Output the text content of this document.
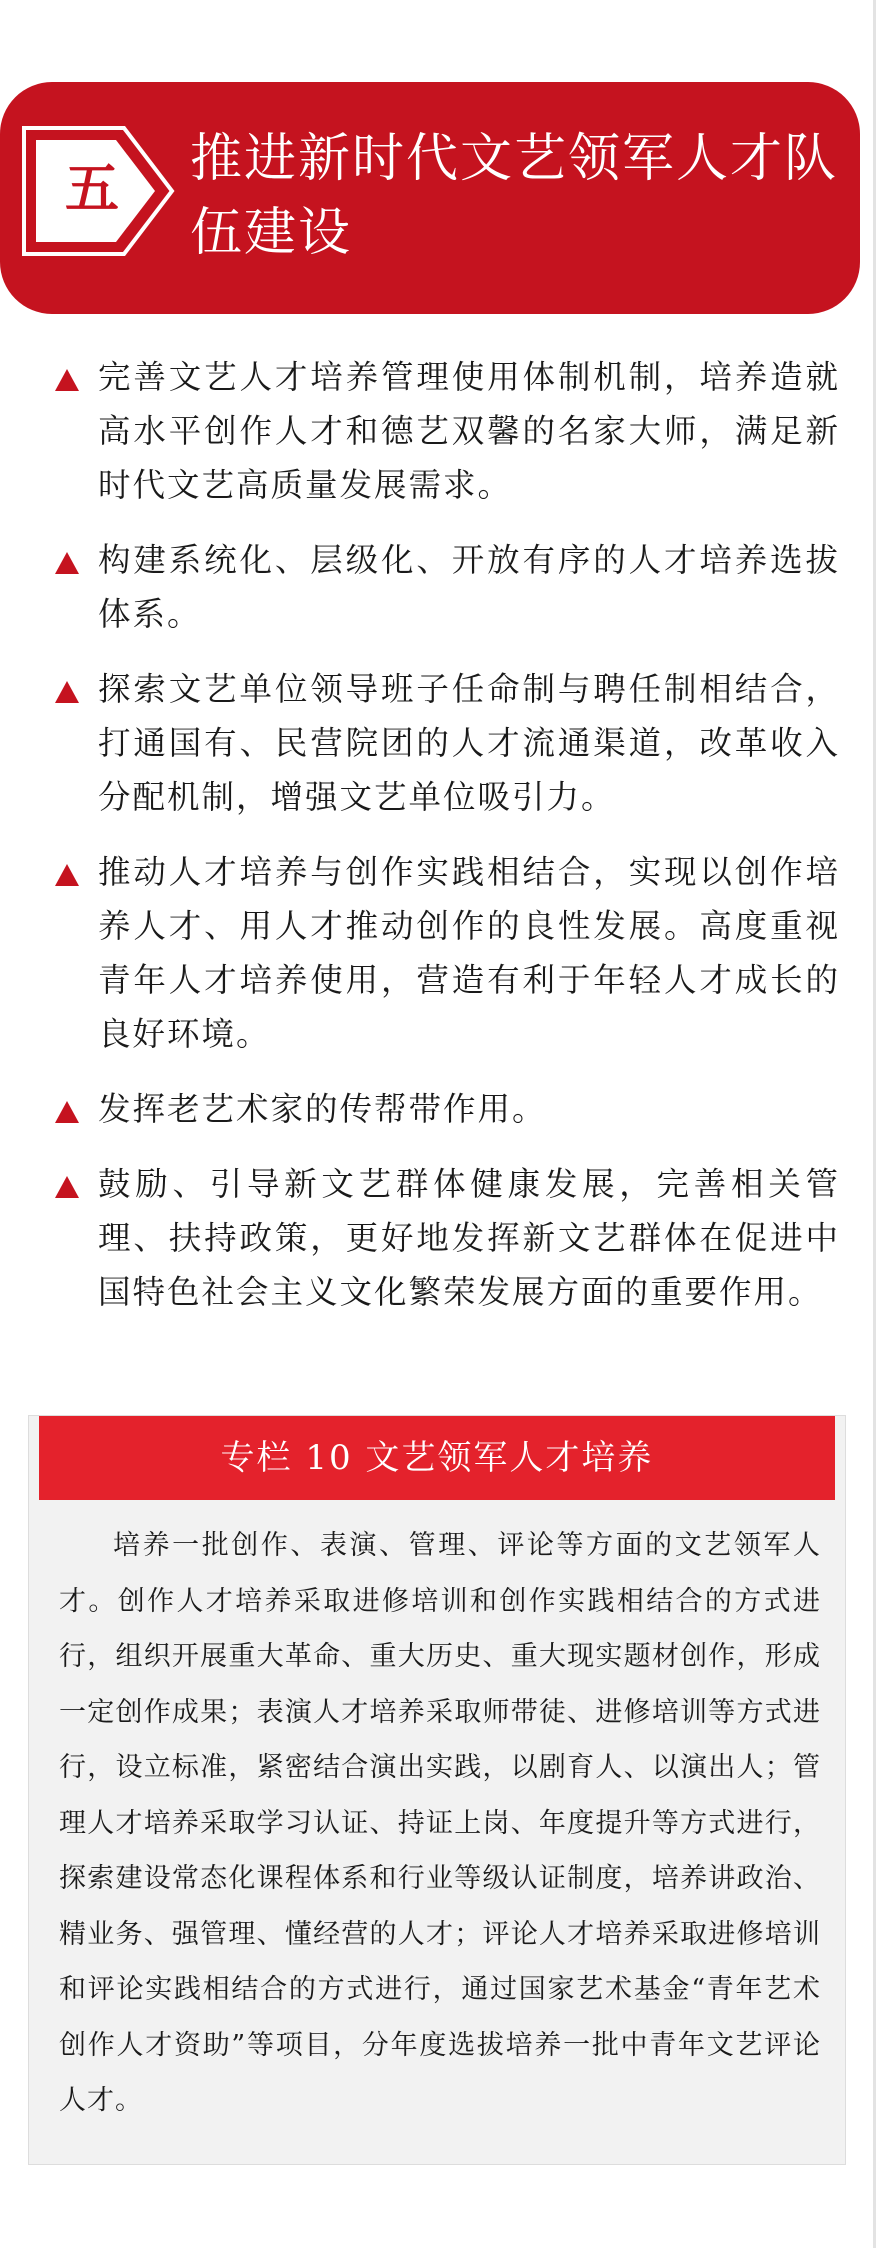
五	推进新时代文艺领军人才队伍建设
完善文艺人才培养管理使用体制机制，培养造就高水平创作人才和德艺双馨的名家大师，满足新时代文艺高质量发展需求。
构建系统化、层级化、开放有序的人才培养选拔体系。
探索文艺单位领导班子任命制与聘任制相结合，打通国有、民营院团的人才流通渠道，改革收入分配机制，增强文艺单位吸引力。
推动人才培养与创作实践相结合，实现以创作培养人才、用人才推动创作的良性发展。高度重视青年人才培养使用，营造有利于年轻人才成长的良好环境。
发挥老艺术家的传帮带作用。
鼓励、引导新文艺群体健康发展，完善相关管理、扶持政策，更好地发挥新文艺群体在促进中国特色社会主义文化繁荣发展方面的重要作用。
专栏 10 文艺领军人才培养

培养一批创作、表演、管理、评论等方面的文艺领军人才。创作人才培养采取进修培训和创作实践相结合的方式进行，组织开展重大革命、重大历史、重大现实题材创作，形成一定创作成果；表演人才培养采取师带徒、进修培训等方式进行，设立标准，紧密结合演出实践，以剧育人、以演出人；管理人才培养采取学习认证、持证上岗、年度提升等方式进行，探索建设常态化课程体系和行业等级认证制度，培养讲政治、精业务、强管理、懂经营的人才；评论人才培养采取进修培训和评论实践相结合的方式进行，通过国家艺术基金“青年艺术创作人才资助”等项目，分年度选拔培养一批中青年文艺评论人才。
